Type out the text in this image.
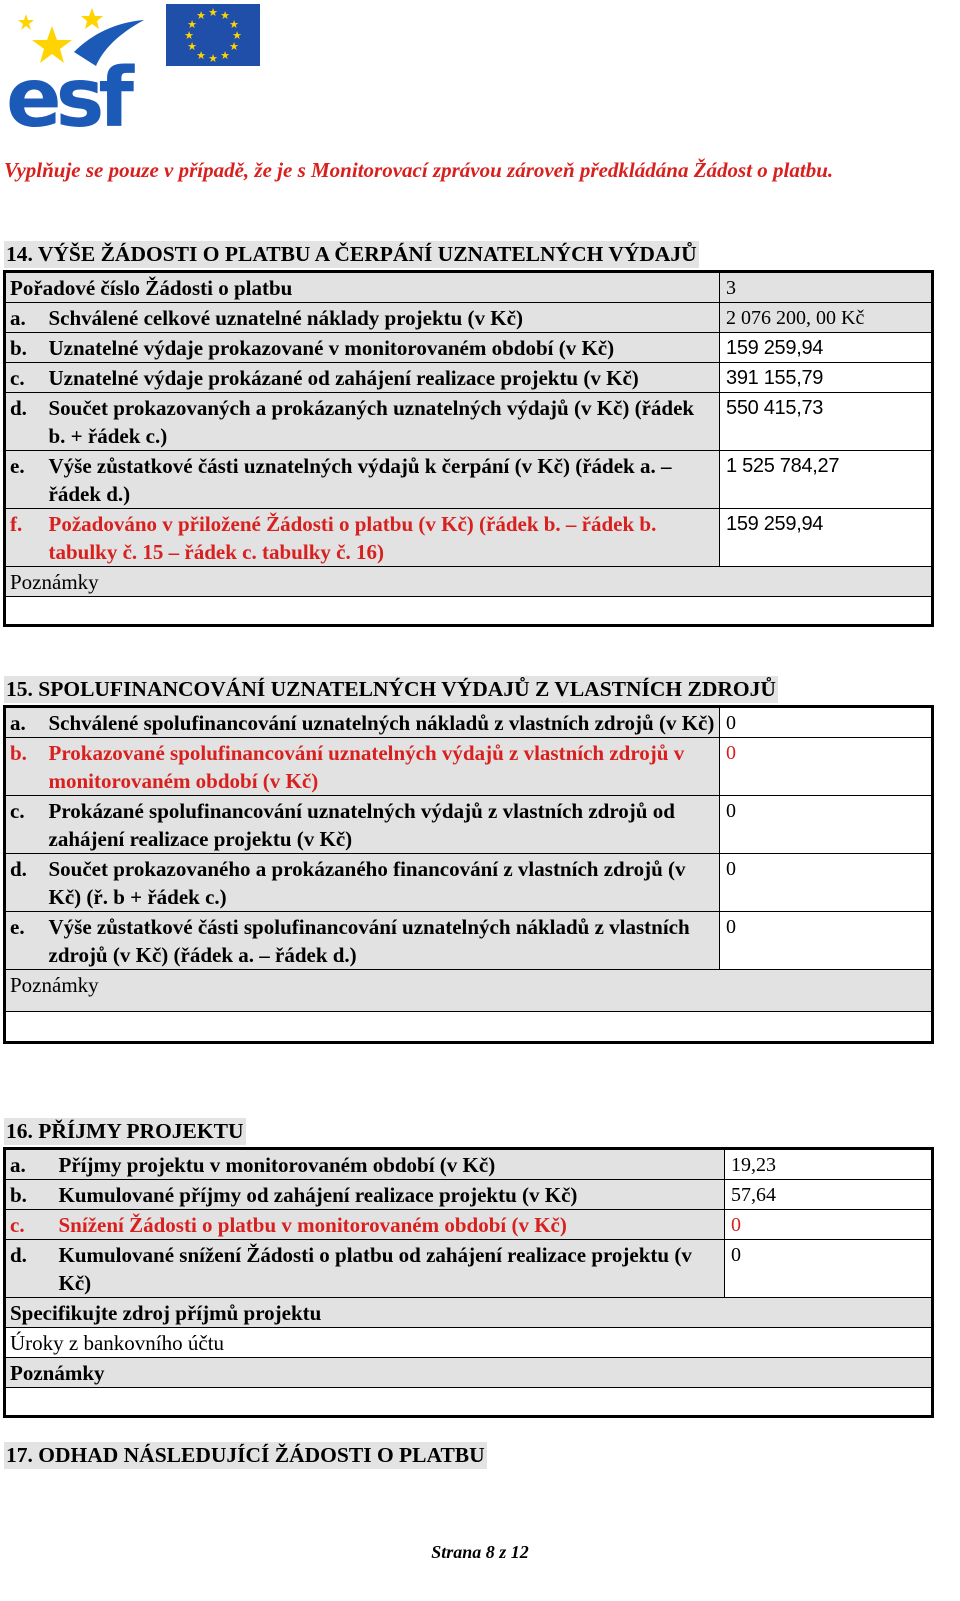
★ ★
★
★
★
★
★
★
★
★
★
★
esf
Vyplňuje se pouze v případě, že je s Monitorovací zprávou zároveň předkládána Žádost o platbu.
14. VÝŠE ŽÁDOSTI O PLATBU A ČERPÁNÍ UZNATELNÝCH VÝDAJŮ
Pořadové číslo Žádosti o platbu		3
a.	Schválené celkové uznatelné náklady projektu (v Kč)	2 076 200, 00 Kč
b.	Uznatelné výdaje prokazované v monitorovaném období (v Kč)	159 259,94
c.	Uznatelné výdaje prokázané od zahájení realizace projektu (v Kč)	391 155,79
d.	Součet prokazovaných a prokázaných uznatelných výdajů (v Kč) (řádek b. + řádek c.)	550 415,73
e.	Výše zůstatkové části uznatelných výdajů k čerpání (v Kč) (řádek a. – řádek d.)	1 525 784,27
f.	Požadováno v přiložené Žádosti o platbu (v Kč) (řádek b. – řádek b. tabulky č. 15 – řádek c. tabulky č. 16)	159 259,94
Poznámky		

15. SPOLUFINANCOVÁNÍ UZNATELNÝCH VÝDAJŮ Z VLASTNÍCH ZDROJŮ
a.	Schválené spolufinancování uznatelných nákladů z vlastních zdrojů (v Kč)	0
b.	Prokazované spolufinancování uznatelných výdajů z vlastních zdrojů v monitorovaném období (v Kč)	0
c.	Prokázané spolufinancování uznatelných výdajů z vlastních zdrojů od zahájení realizace projektu (v Kč)	0
d.	Součet prokazovaného a prokázaného financování z vlastních zdrojů (v Kč) (ř. b + řádek c.)	0
e.	Výše zůstatkové části spolufinancování uznatelných nákladů z vlastních zdrojů (v Kč) (řádek a. – řádek d.)	0
Poznámky		

16. PŘÍJMY PROJEKTU
a.	Příjmy projektu v monitorovaném období (v Kč)	19,23
b.	Kumulované příjmy od zahájení realizace projektu (v Kč)	57,64
c.	Snížení Žádosti o platbu v monitorovaném období (v Kč)	0
d.	Kumulované snížení Žádosti o platbu od zahájení realizace projektu (v Kč)	0
Specifikujte zdroj příjmů projektu		
Úroky z bankovního účtu		
Poznámky		

17. ODHAD NÁSLEDUJÍCÍ ŽÁDOSTI O PLATBU
Strana 8 z 12
